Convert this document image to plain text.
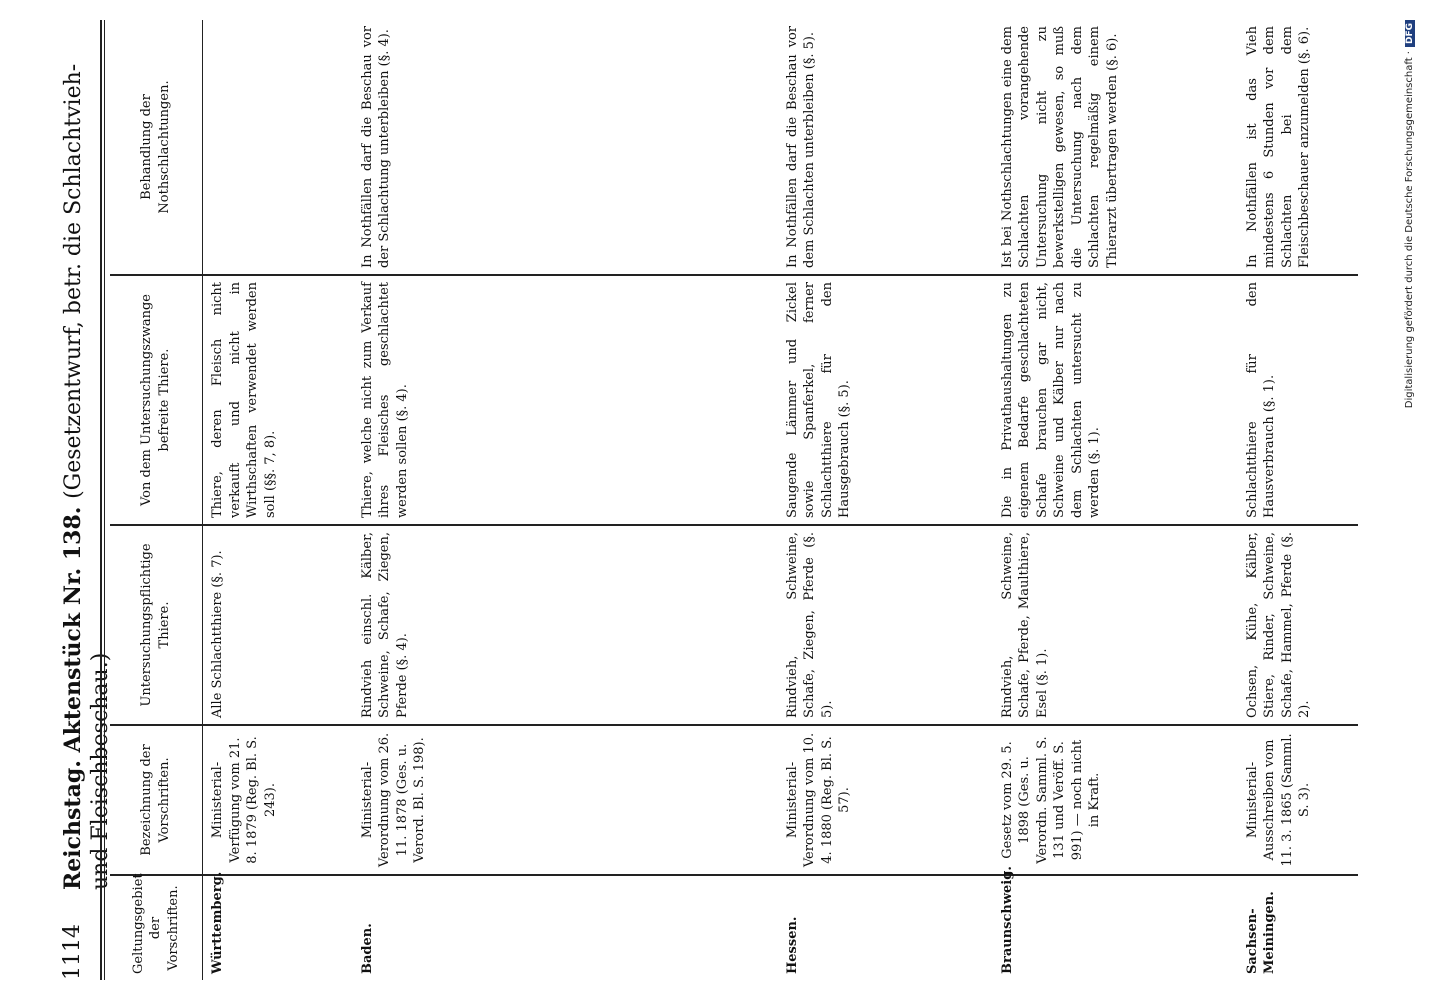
1114
Reichstag. Aktenstück Nr. 138. (Gesetzentwurf, betr. die Schlachtvieh- und Fleischbeschau.)
Geltungsgebiet der Vorschriften.	Bezeichnung der Vorschriften.	Untersuchungspflichtige Thiere.	Von dem Untersuchungszwange befreite Thiere.	Behandlung der Nothschlachtungen.
Württemberg.	Ministerial-Verfügung vom 21. 8. 1879 (Reg. Bl. S. 243).	Alle Schlachtthiere (§. 7).	Thiere, deren Fleisch nicht verkauft und nicht in Wirthschaften verwendet werden soll (§§. 7, 8).	
Baden.	Ministerial-Verordnung vom 26. 11. 1878 (Ges. u. Verord. Bl. S. 198).	Rindvieh einschl. Kälber, Schweine, Schafe, Ziegen, Pferde (§. 4).	Thiere, welche nicht zum Verkauf ihres Fleisches geschlachtet werden sollen (§. 4).	In Nothfällen darf die Beschau vor der Schlachtung unterbleiben (§. 4).
Hessen.	Ministerial-Verordnung vom 10. 4. 1880 (Reg. Bl. S. 57).	Rindvieh, Schweine, Schafe, Ziegen, Pferde (§. 5).	Saugende Lämmer und Zickel sowie Spanferkel, ferner Schlachtthiere für den Hausgebrauch (§. 5).	In Nothfällen darf die Beschau vor dem Schlachten unterbleiben (§. 5).
Braunschweig.	Gesetz vom 29. 5. 1898 (Ges. u. Verordn. Samml. S. 131 und Veröff. S. 991) — noch nicht in Kraft.	Rindvieh, Schweine, Schafe, Pferde, Maulthiere, Esel (§. 1).	Die in Privathaushaltungen zu eigenem Bedarfe geschlachteten Schafe brauchen gar nicht, Schweine und Kälber nur nach dem Schlachten untersucht zu werden (§. 1).	Ist bei Nothschlachtungen eine dem Schlachten vorangehende Untersuchung nicht zu bewerkstelligen gewesen, so muß die Untersuchung nach dem Schlachten regelmäßig einem Thierarzt übertragen werden (§. 6).
Sachsen-Meiningen.	Ministerial-Ausschreiben vom 11. 3. 1865 (Samml. S. 3).	Ochsen, Kühe, Kälber, Stiere, Rinder, Schweine, Schafe, Hammel, Pferde (§. 2).	Schlachtthiere für den Hausverbrauch (§. 1).	In Nothfällen ist das Vieh mindestens 6 Stunden vor dem Schlachten bei dem Fleischbeschauer anzumelden (§. 6).	Digitalisierung gefördert durch die Deutsche Forschungsgemeinschaft ·DFG
